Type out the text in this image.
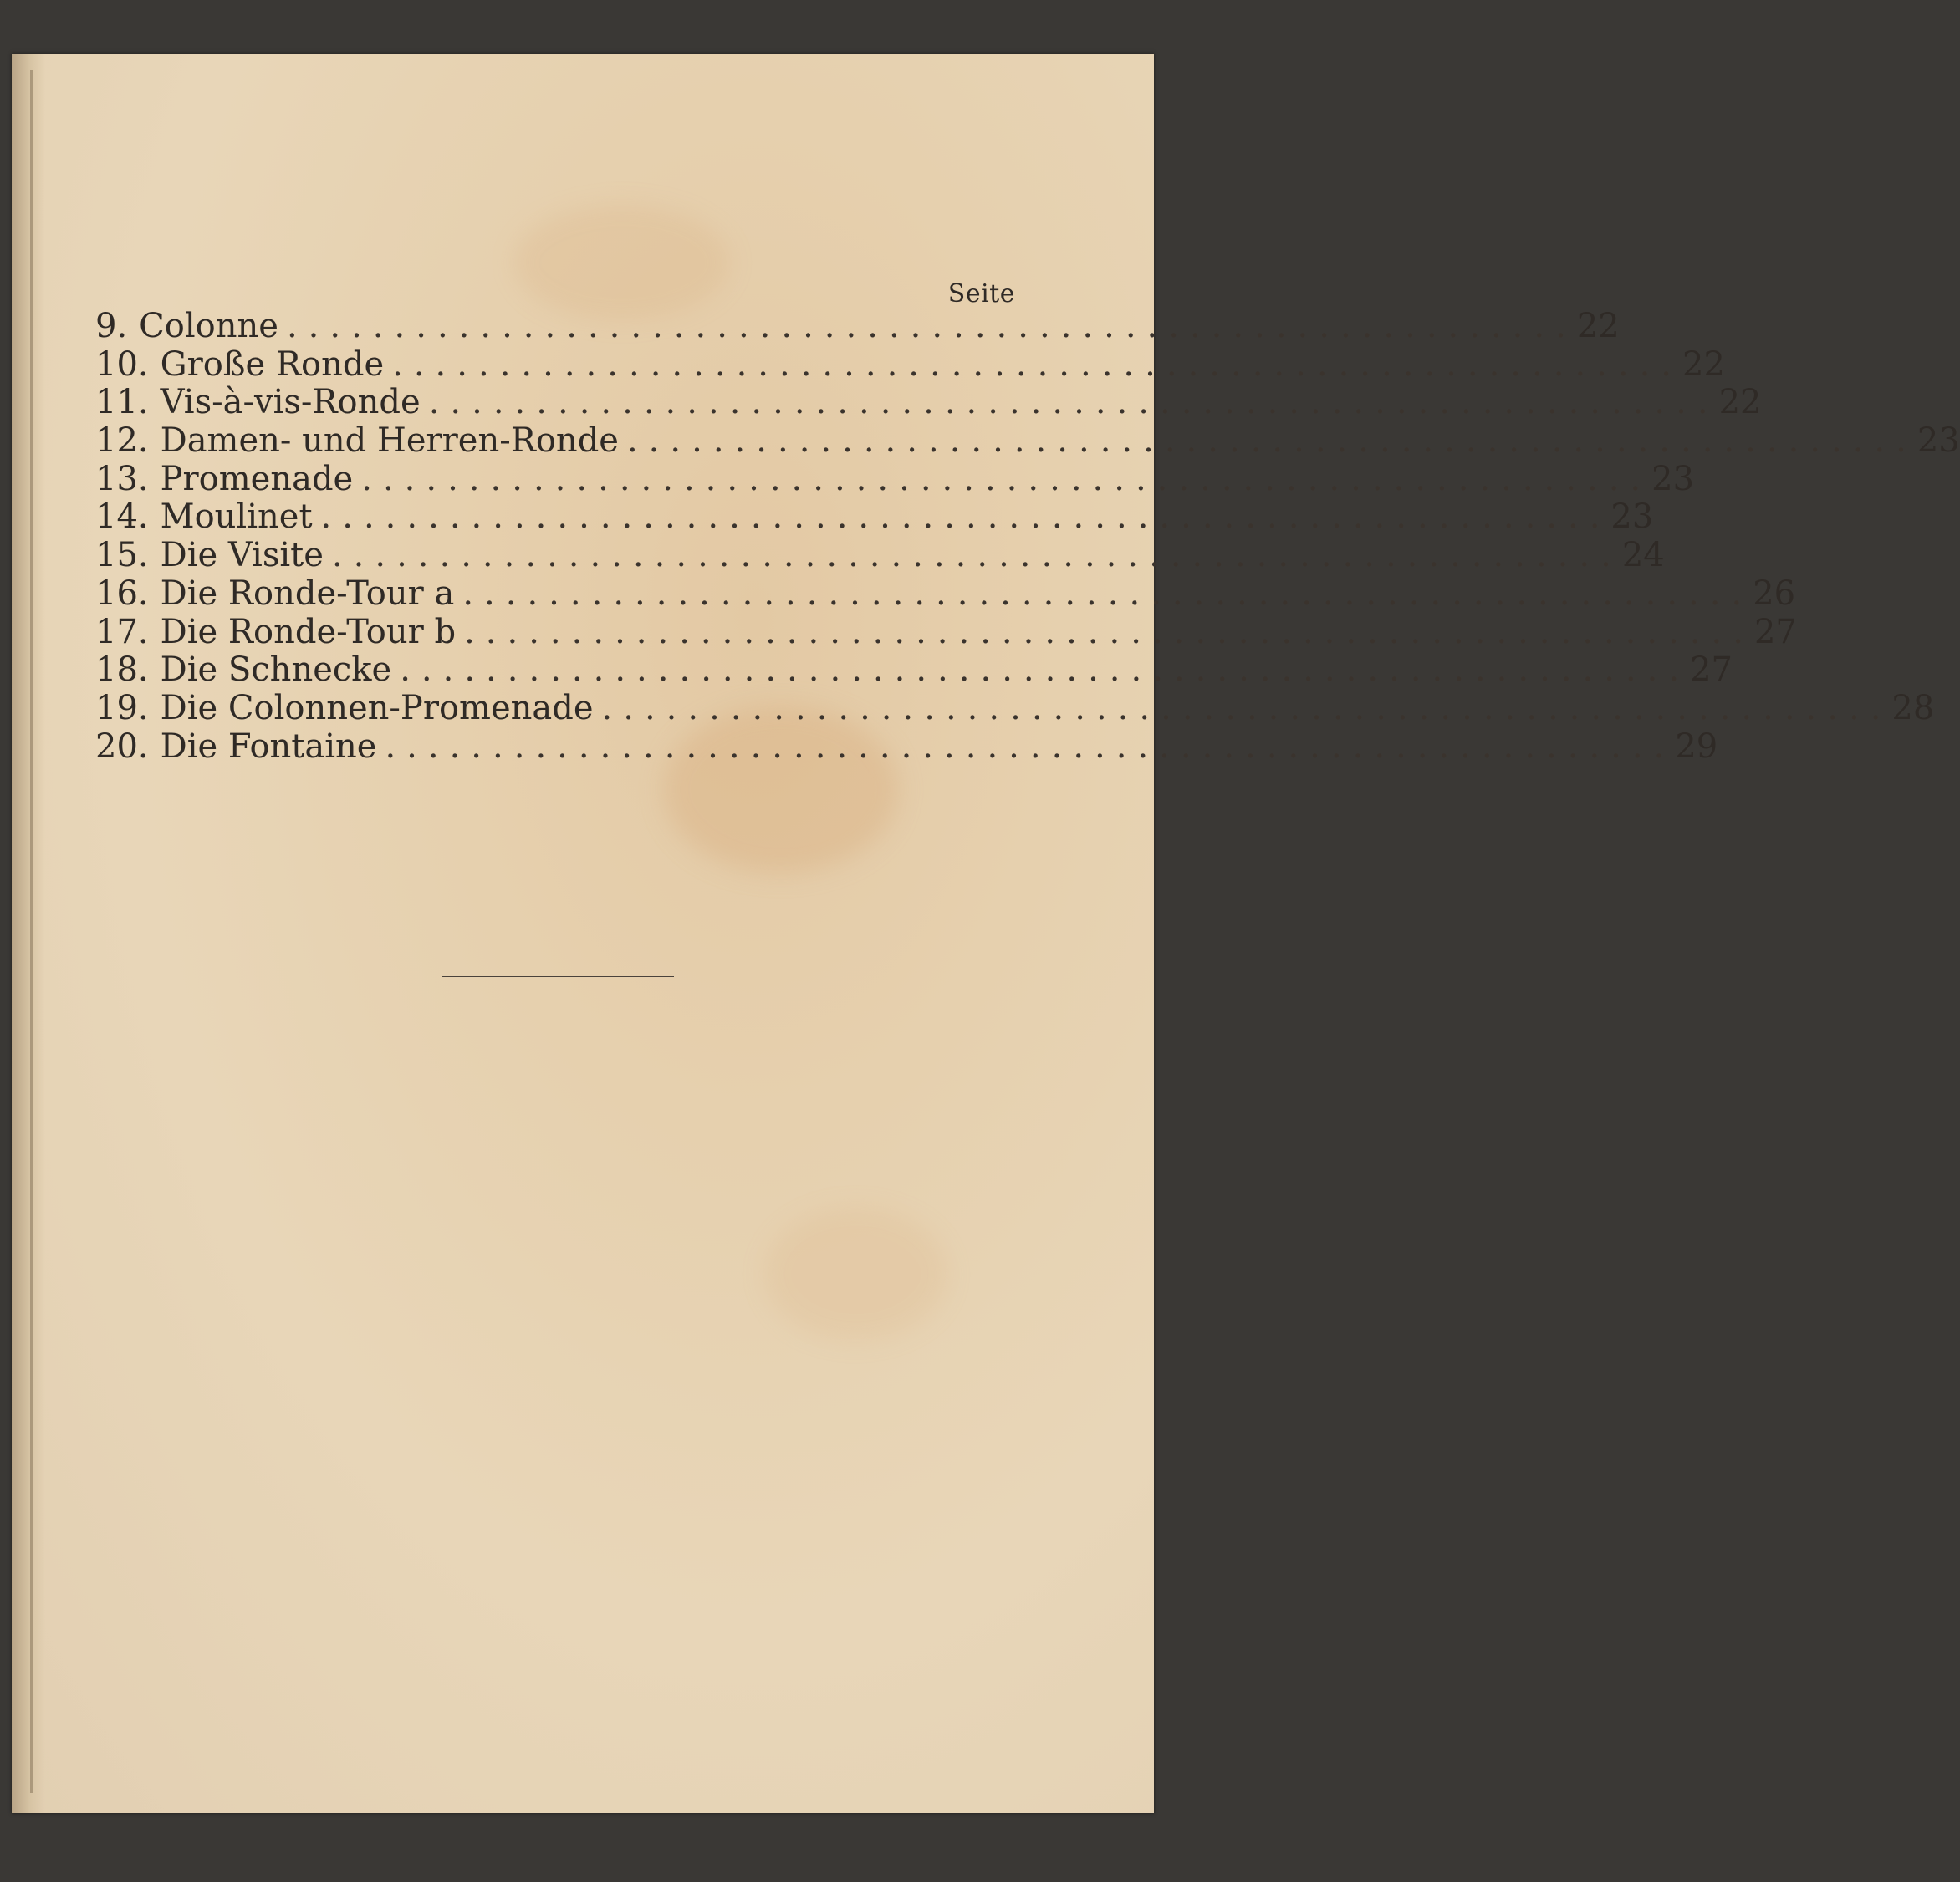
Seite
9. Colonne ............................................................ 22
10. Große Ronde ............................................................ 22
11. Vis-à-vis-Ronde ............................................................ 22
12. Damen- und Herren-Ronde ............................................................ 23
13. Promenade ............................................................ 23
14. Moulinet ............................................................ 23
15. Die Visite ............................................................ 24
16. Die Ronde-Tour a ............................................................ 26
17. Die Ronde-Tour b ............................................................ 27
18. Die Schnecke ............................................................ 27
19. Die Colonnen-Promenade ............................................................ 28
20. Die Fontaine ............................................................ 29
